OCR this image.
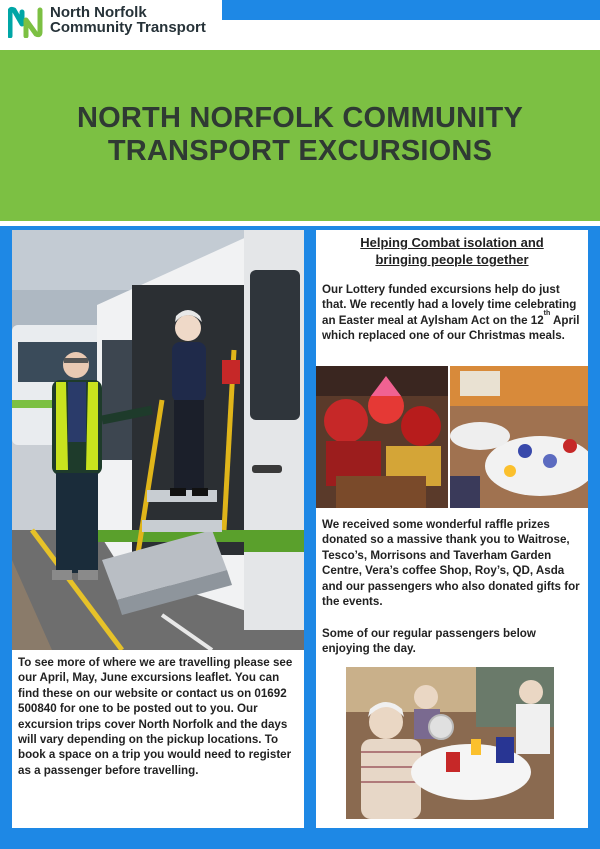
North Norfolk
Community Transport
NORTH NORFOLK COMMUNITY
TRANSPORT EXCURSIONS

To see more of where we are travelling please see our April, May, June excursions leaflet. You can find these on our website or contact us on 01692 500840 for one to be posted out to you. Our excursion trips cover North Norfolk and the days will vary depending on the pickup locations. To book a space on a trip you would need to register as a passenger before travelling.

Helping Combat isolation and
bringing people together

Our Lottery funded excursions help do just that. We recently had a lovely time celebrating an Easter meal at Aylsham Act on the 12th April which replaced one of our Christmas meals.

We received some wonderful raffle prizes donated so a massive thank you to Waitrose, Tesco’s, Morrisons and Taverham Garden Centre, Vera’s coffee Shop, Roy’s, QD, Asda and our passengers who also donated gifts for the events.

Some of our regular passengers below enjoying the day.
